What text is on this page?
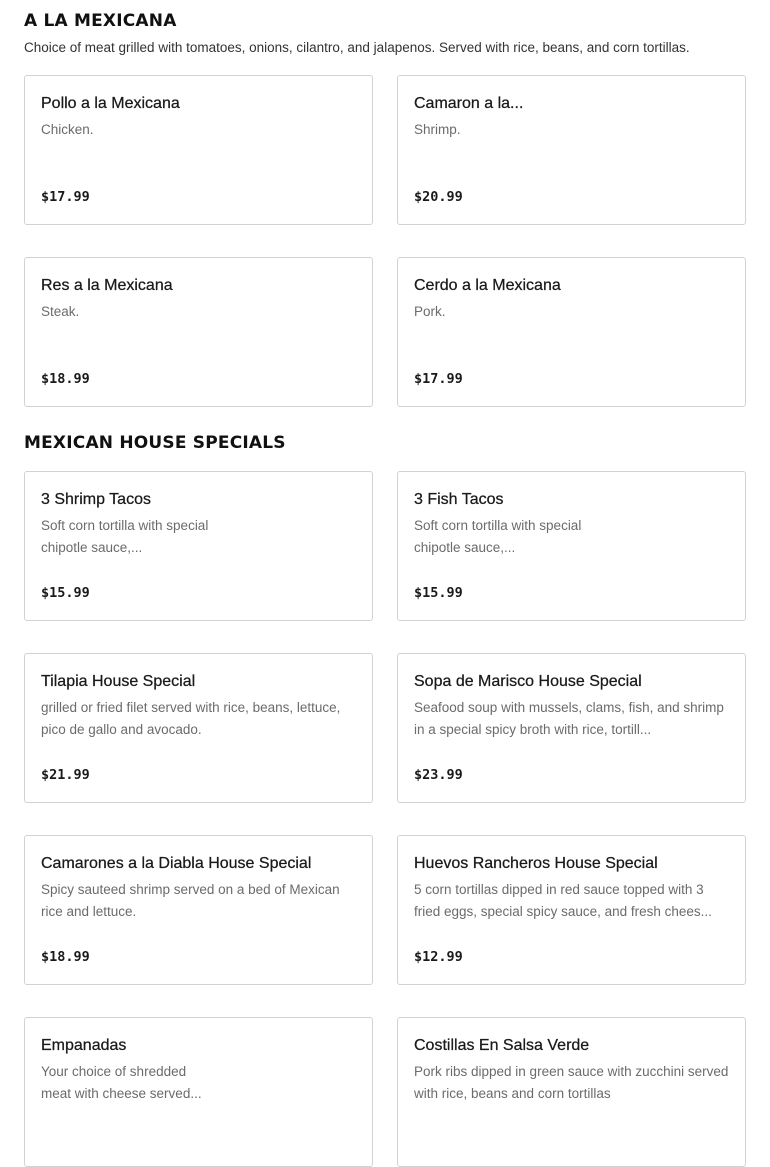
A LA MEXICANA

Choice of meat grilled with tomatoes, onions, cilantro, and jalapenos. Served with rice, beans, and corn tortillas.

Pollo a la Mexicana
Chicken.
$17.99
Camaron a la...
Shrimp.
$20.99
Res a la Mexicana
Steak.
$18.99
Cerdo a la Mexicana
Pork.
$17.99
MEXICAN HOUSE SPECIALS
3 Shrimp Tacos
Soft corn tortilla with special chipotle sauce,...
$15.99
3 Fish Tacos
Soft corn tortilla with special chipotle sauce,...
$15.99
Tilapia House Special
grilled or fried filet served with rice, beans, lettuce, pico de gallo and avocado.
$21.99
Sopa de Marisco House Special
Seafood soup with mussels, clams, fish, and shrimp in a special spicy broth with rice, tortill...
$23.99
Camarones a la Diabla House Special
Spicy sauteed shrimp served on a bed of Mexican rice and lettuce.
$18.99
Huevos Rancheros House Special
5 corn tortillas dipped in red sauce topped with 3 fried eggs, special spicy sauce, and fresh chees...
$12.99
Empanadas
Your choice of shredded meat with cheese served...
Costillas En Salsa Verde
Pork ribs dipped in green sauce with zucchini served with rice, beans and corn tortillas
